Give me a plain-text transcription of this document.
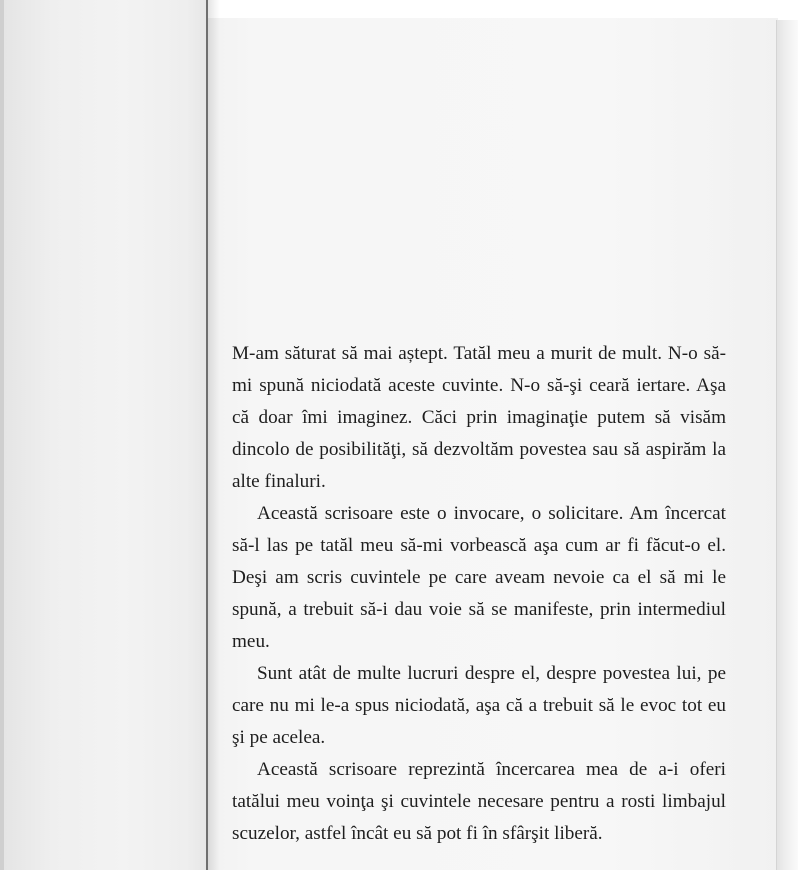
M-am săturat să mai aștept. Tatăl meu a murit de mult. N-o să-mi spună niciodată aceste cuvinte. N-o să-şi ceară iertare. Aşa că doar îmi imaginez. Căci prin imaginaţie putem să visăm dincolo de posibilităţi, să dezvoltăm povestea sau să aspirăm la alte finaluri.

Această scrisoare este o invocare, o solicitare. Am încercat să-l las pe tatăl meu să-mi vorbească aşa cum ar fi făcut-o el. Deşi am scris cuvintele pe care aveam nevoie ca el să mi le spună, a trebuit să-i dau voie să se manifeste, prin intermediul meu.

Sunt atât de multe lucruri despre el, despre povestea lui, pe care nu mi le-a spus niciodată, aşa că a trebuit să le evoc tot eu şi pe acelea.

Această scrisoare reprezintă încercarea mea de a-i oferi tatălui meu voinţa şi cuvintele necesare pentru a rosti limbajul scuzelor, astfel încât eu să pot fi în sfârşit liberă.
